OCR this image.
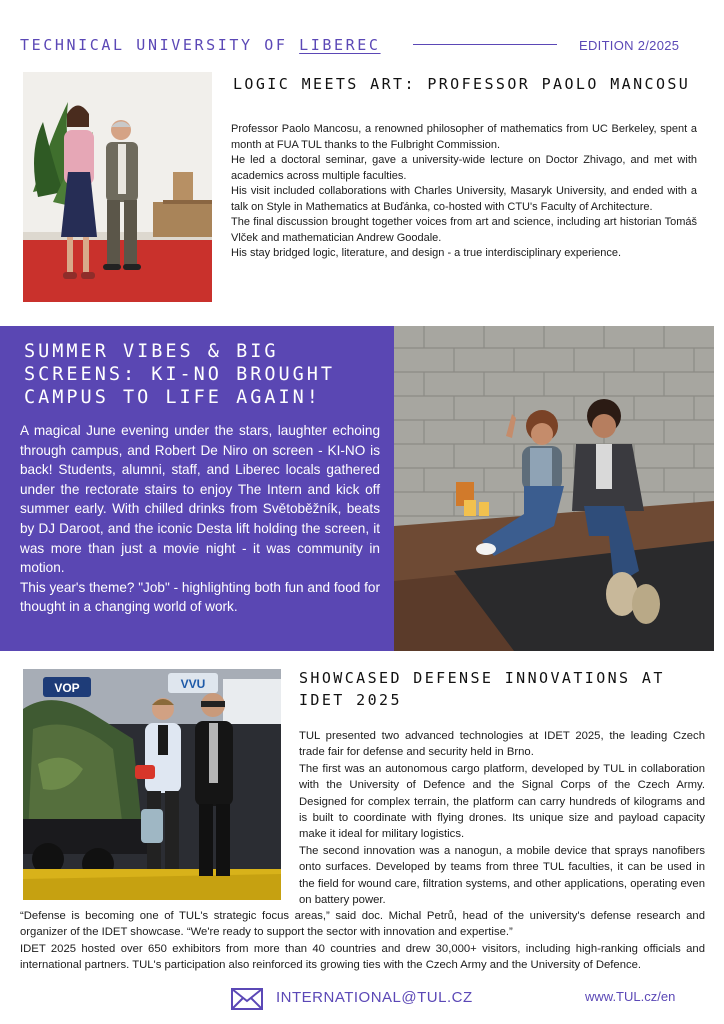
TECHNICAL UNIVERSITY OF LIBEREC	EDITION 2/2025
LOGIC MEETS ART: PROFESSOR PAOLO MANCOSU

Professor Paolo Mancosu, a renowned philosopher of mathematics from UC Berkeley, spent a month at FUA TUL thanks to the Fulbright Commission.

He led a doctoral seminar, gave a university-wide lecture on Doctor Zhivago, and met with academics across multiple faculties.

His visit included collaborations with Charles University, Masaryk University, and ended with a talk on Style in Mathematics at Buďánka, co-hosted with CTU's Faculty of Architecture.

The final discussion brought together voices from art and science, including art historian Tomáš Vlček and mathematician Andrew Goodale.

His stay bridged logic, literature, and design - a true interdisciplinary experience.

SUMMER VIBES & BIG SCREENS: KI-NO BROUGHT CAMPUS TO LIFE AGAIN!

A magical June evening under the stars, laughter echoing through campus, and Robert De Niro on screen - KI-NO is back! Students, alumni, staff, and Liberec locals gathered under the rectorate stairs to enjoy The Intern and kick off summer early. With chilled drinks from Světoběžník, beats by DJ Daroot, and the iconic Desta lift holding the screen, it was more than just a movie night - it was community in motion.

This year's theme? "Job" - highlighting both fun and food for thought in a changing world of work.

VOP	VVU	SHOWCASED DEFENSE INNOVATIONS AT IDET 2025

TUL presented two advanced technologies at IDET 2025, the leading Czech trade fair for defense and security held in Brno.

The first was an autonomous cargo platform, developed by TUL in collaboration with the University of Defence and the Signal Corps of the Czech Army. Designed for complex terrain, the platform can carry hundreds of kilograms and is built to coordinate with flying drones. Its unique size and payload capacity make it ideal for military logistics.

The second innovation was a nanogun, a mobile device that sprays nanofibers onto surfaces. Developed by teams from three TUL faculties, it can be used in the field for wound care, filtration systems, and other applications, operating even on battery power.

“Defense is becoming one of TUL's strategic focus areas,” said doc. Michal Petrů, head of the university's defense research and organizer of the IDET showcase. “We're ready to support the sector with innovation and expertise.”

IDET 2025 hosted over 650 exhibitors from more than 40 countries and drew 30,000+ visitors, including high-ranking officials and international partners. TUL's participation also reinforced its growing ties with the Czech Army and the University of Defence.

INTERNATIONAL@TUL.CZ	www.TUL.cz/en
